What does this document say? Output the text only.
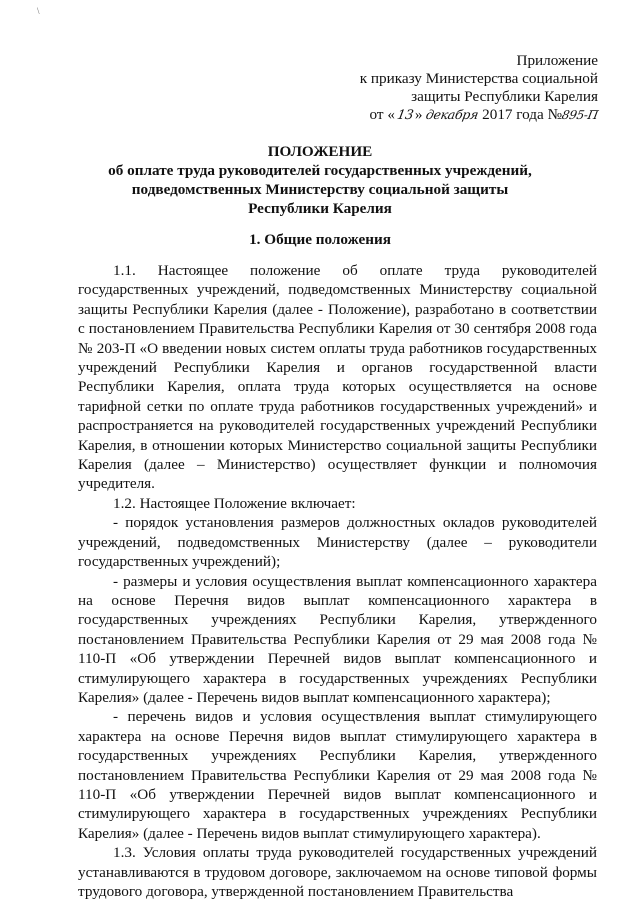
\
Приложение
к приказу Министерства социальной
защиты Республики Карелия
от «13» декабря 2017 года №895-П
ПОЛОЖЕНИЕ
об оплате труда руководителей государственных учреждений,
подведомственных Министерству социальной защиты
Республики Карелия
1. Общие положения

1.1. Настоящее положение об оплате труда руководителей государственных учреждений, подведомственных Министерству социальной защиты Республики Карелия (далее - Положение), разработано в соответствии с постановлением Правительства Республики Карелия от 30 сентября 2008 года № 203-П «О введении новых систем оплаты труда работников государственных учреждений Республики Карелия и органов государственной власти Республики Карелия, оплата труда которых осуществляется на основе тарифной сетки по оплате труда работников государственных учреждений» и распространяется на руководителей государственных учреждений Республики Карелия, в отношении которых Министерство социальной защиты Республики Карелия (далее – Министерство) осуществляет функции и полномочия учредителя.

1.2. Настоящее Положение включает:

- порядок установления размеров должностных окладов руководителей учреждений, подведомственных Министерству (далее – руководители государственных учреждений);

- размеры и условия осуществления выплат компенсационного характера на основе Перечня видов выплат компенсационного характера в государственных учреждениях Республики Карелия, утвержденного постановлением Правительства Республики Карелия от 29 мая 2008 года № 110-П «Об утверждении Перечней видов выплат компенсационного и стимулирующего характера в государственных учреждениях Республики Карелия» (далее - Перечень видов выплат компенсационного характера);

- перечень видов и условия осуществления выплат стимулирующего характера на основе Перечня видов выплат стимулирующего характера в государственных учреждениях Республики Карелия, утвержденного постановлением Правительства Республики Карелия от 29 мая 2008 года № 110-П «Об утверждении Перечней видов выплат компенсационного и стимулирующего характера в государственных учреждениях Республики Карелия» (далее - Перечень видов выплат стимулирующего характера).

1.3. Условия оплаты труда руководителей государственных учреждений устанавливаются в трудовом договоре, заключаемом на основе типовой формы трудового договора, утвержденной постановлением Правительства
